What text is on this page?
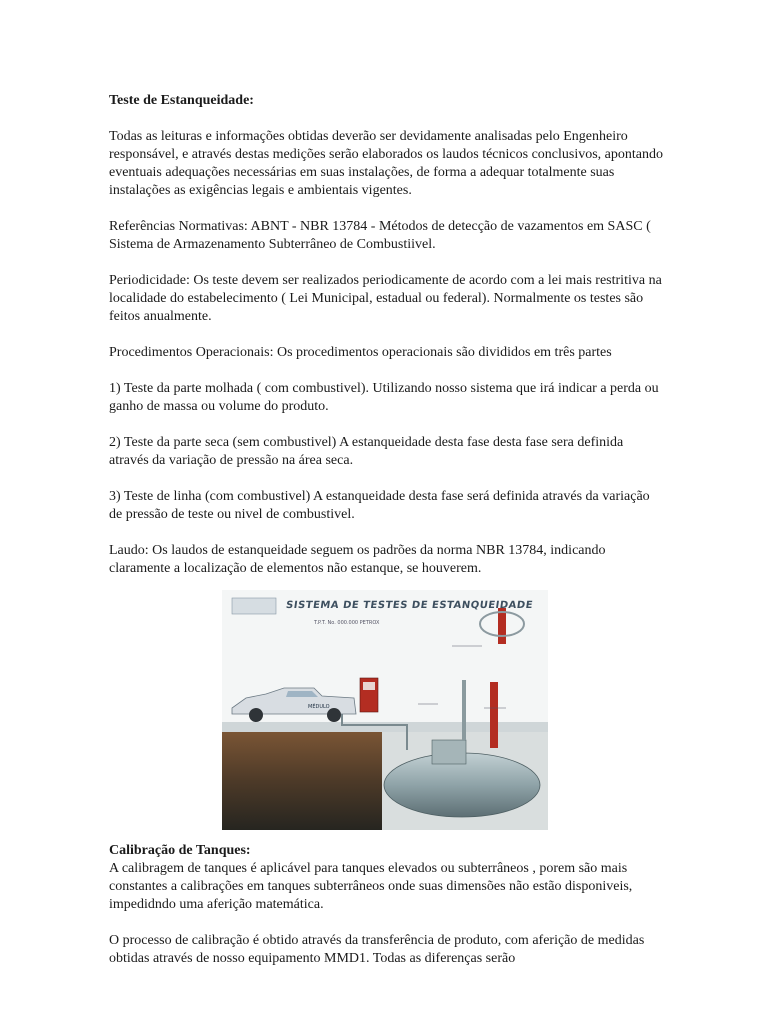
Teste de Estanqueidade:

Todas as leituras e informações obtidas deverão ser devidamente analisadas pelo Engenheiro responsável, e através destas medições serão elaborados os laudos técnicos conclusivos, apontando eventuais adequações necessárias em suas instalações, de forma a adequar totalmente suas instalações as exigências legais e ambientais vigentes.

Referências Normativas: ABNT - NBR 13784 - Métodos de detecção de vazamentos em SASC ( Sistema de Armazenamento Subterrâneo de Combustiivel.

Periodicidade: Os teste devem ser realizados periodicamente de acordo com a lei mais restritiva na localidade do estabelecimento ( Lei Municipal, estadual ou federal). Normalmente os testes são feitos anualmente.

Procedimentos Operacionais: Os procedimentos operacionais são divididos em três partes

1) Teste da parte molhada ( com combustivel). Utilizando nosso sistema que irá indicar a perda ou ganho de massa ou volume do produto.

2) Teste da parte seca (sem combustivel) A estanqueidade desta fase desta fase sera definida através da variação de pressão na área seca.

3) Teste de linha (com combustivel) A estanqueidade desta fase será definida através da variação de pressão de teste ou nivel de combustivel.

Laudo: Os laudos de estanqueidade seguem os padrões da norma NBR 13784, indicando claramente a localização de elementos não estanque, se houverem.

SISTEMA DE TESTES DE ESTANQUEIDADE
T.P.T. No. 000.000 PETROX
MÉDULO

Calibração de Tanques:

A calibragem de tanques é aplicável para tanques elevados ou subterrâneos , porem são mais constantes a calibrações em tanques subterrâneos onde suas dimensões não estão disponiveis, impedidndo uma aferição matemática.

O processo de calibração é obtido através da transferência de produto, com aferição de medidas obtidas através de nosso equipamento MMD1. Todas as diferenças serão
